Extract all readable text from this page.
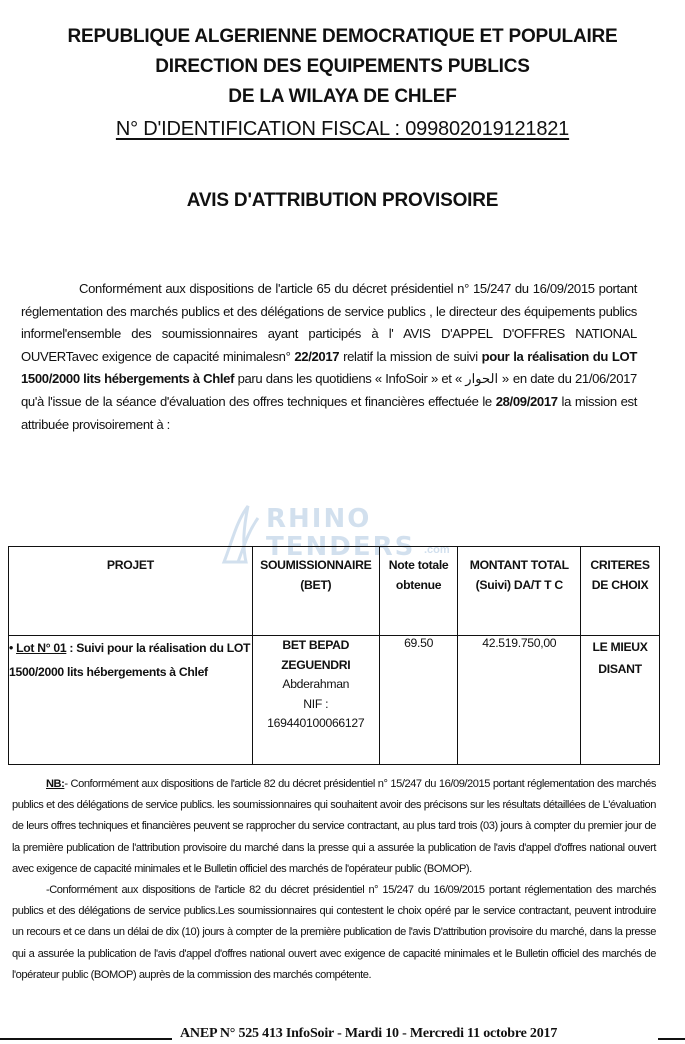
REPUBLIQUE ALGERIENNE DEMOCRATIQUE ET POPULAIRE
DIRECTION DES EQUIPEMENTS PUBLICS
DE LA WILAYA DE CHLEF
N° D'IDENTIFICATION FISCAL : 099802019121821
AVIS D'ATTRIBUTION PROVISOIRE
Conformément aux dispositions de l'article 65 du décret présidentiel n° 15/247 du 16/09/2015 portant réglementation des marchés publics et des délégations de service publics , le directeur des équipements publics informel'ensemble des soumissionnaires ayant participés à l' AVIS D'APPEL D'OFFRES NATIONAL OUVERTavec exigence de capacité minimalesn° 22/2017 relatif la mission de suivi pour la réalisation du LOT 1500/2000 lits hébergements à Chlef paru dans les quotidiens « InfoSoir » et « الحوار » en date du 21/06/2017 qu'à l'issue de la séance d'évaluation des offres techniques et financières effectuée le 28/09/2017 la mission est attribuée provisoirement à :
RHINO
TENDERS .com
PROJET	SOUMISSIONNAIRE (BET)	Note totale obtenue	MONTANT TOTAL (Suivi) DA/T T C	CRITERES DE CHOIX
• Lot N° 01 : Suivi pour la réalisation du LOT 1500/2000 lits hébergements à Chlef	BET BEPAD
ZEGUENDRI
Abderahman
NIF :
169440100066127	69.50	42.519.750,00	LE MIEUX
DISANT

NB:- Conformément aux dispositions de l'article 82 du décret présidentiel n° 15/247 du 16/09/2015 portant réglementation des marchés publics et des délégations de service publics. les soumissionnaires qui souhaitent avoir des précisons sur les résultats détaillées de L'évaluation de leurs offres techniques et financières peuvent se rapprocher du service contractant, au plus tard trois (03) jours à compter du premier jour de la première publication de l'attribution provisoire du marché dans la presse qui a assurée la publication de l'avis d'appel d'offres national ouvert avec exigence de capacité minimales et le Bulletin officiel des marchés de l'opérateur public (BOMOP).

-Conformément aux dispositions de l'article 82 du décret présidentiel n° 15/247 du 16/09/2015 portant réglementation des marchés publics et des délégations de service publics.Les soumissionnaires qui contestent le choix opéré par le service contractant, peuvent introduire un recours et ce dans un délai de dix (10) jours à compter de la première publication de l'avis D'attribution provisoire du marché, dans la presse qui a assurée la publication de l'avis d'appel d'offres national ouvert avec exigence de capacité minimales et le Bulletin officiel des marchés de l'opérateur public (BOMOP) auprès de la commission des marchés compétente.

ANEP N° 525 413 InfoSoir - Mardi 10 - Mercredi 11 octobre 2017
